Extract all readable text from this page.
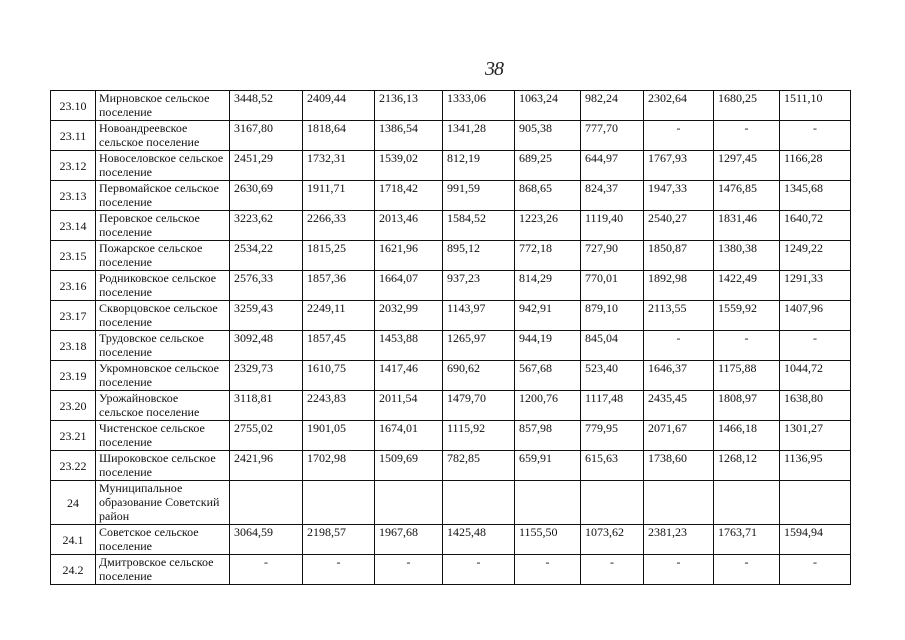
38
23.10	Мирновское сельское поселение	3448,52	2409,44	2136,13	1333,06	1063,24	982,24	2302,64	1680,25	1511,10
23.11	Новоандреевское сельское поселение	3167,80	1818,64	1386,54	1341,28	905,38	777,70	-	-	-
23.12	Новоселовское сельское поселение	2451,29	1732,31	1539,02	812,19	689,25	644,97	1767,93	1297,45	1166,28
23.13	Первомайское сельское поселение	2630,69	1911,71	1718,42	991,59	868,65	824,37	1947,33	1476,85	1345,68
23.14	Перовское сельское поселение	3223,62	2266,33	2013,46	1584,52	1223,26	1119,40	2540,27	1831,46	1640,72
23.15	Пожарское сельское поселение	2534,22	1815,25	1621,96	895,12	772,18	727,90	1850,87	1380,38	1249,22
23.16	Родниковское сельское поселение	2576,33	1857,36	1664,07	937,23	814,29	770,01	1892,98	1422,49	1291,33
23.17	Скворцовское сельское поселение	3259,43	2249,11	2032,99	1143,97	942,91	879,10	2113,55	1559,92	1407,96
23.18	Трудовское сельское поселение	3092,48	1857,45	1453,88	1265,97	944,19	845,04	-	-	-
23.19	Укромновское сельское поселение	2329,73	1610,75	1417,46	690,62	567,68	523,40	1646,37	1175,88	1044,72
23.20	Урожайновское сельское поселение	3118,81	2243,83	2011,54	1479,70	1200,76	1117,48	2435,45	1808,97	1638,80
23.21	Чистенское сельское поселение	2755,02	1901,05	1674,01	1115,92	857,98	779,95	2071,67	1466,18	1301,27
23.22	Широковское сельское поселение	2421,96	1702,98	1509,69	782,85	659,91	615,63	1738,60	1268,12	1136,95
24	Муниципальное образование Советский район									
24.1	Советское сельское поселение	3064,59	2198,57	1967,68	1425,48	1155,50	1073,62	2381,23	1763,71	1594,94
24.2	Дмитровское сельское поселение	-	-	-	-	-	-	-	-	-
